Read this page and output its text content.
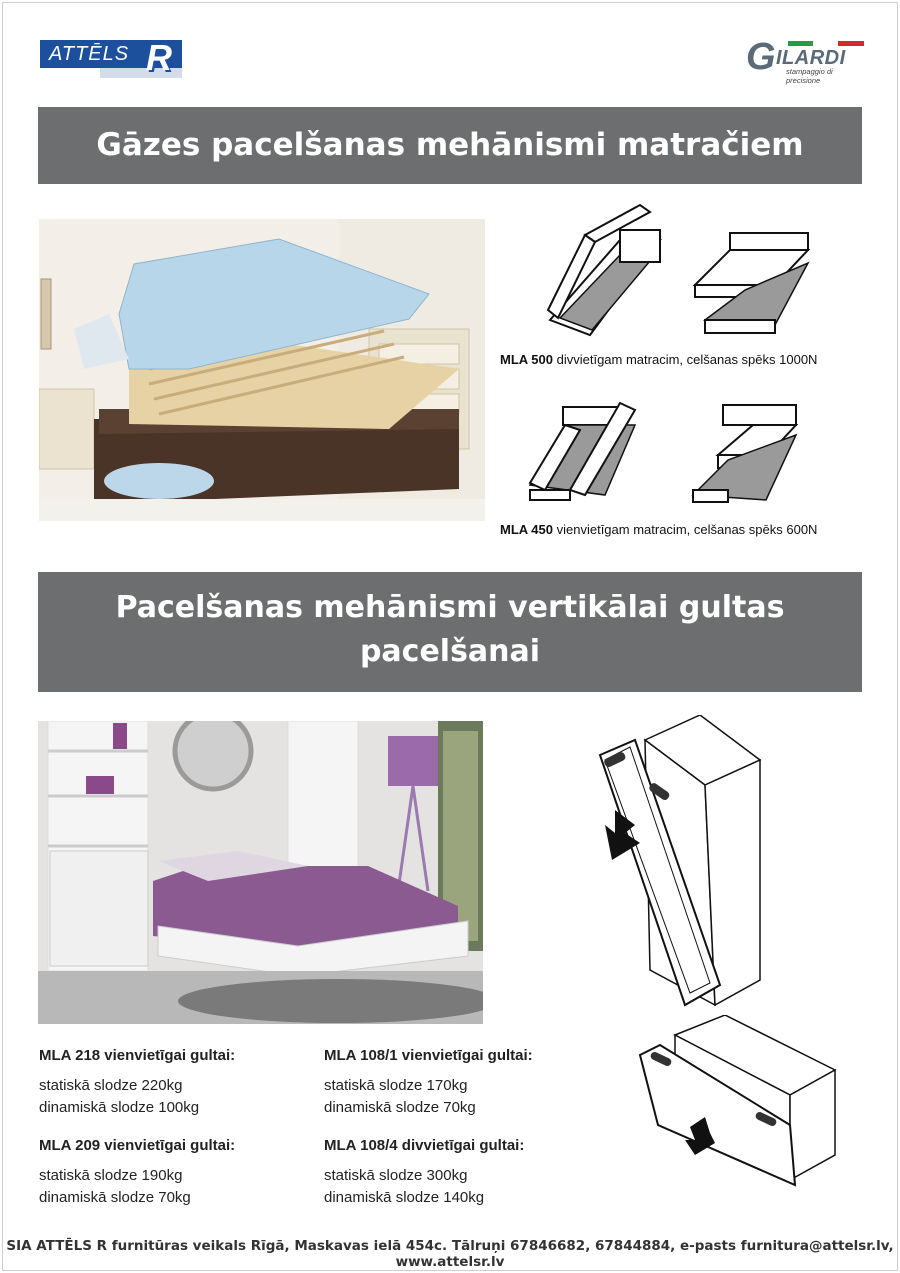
ATTĒLS R	G ILARDI
stampaggio di precisione
Gāzes pacelšanas mehānismi matračiem
MLA 500 divvietīgam matracim, celšanas spēks 1000N
MLA 450 vienvietīgam matracim, celšanas spēks 600N
Pacelšanas mehānismi vertikālai gultas
pacelšanai
MLA 218 vienvietīgai gultai:
statiskā slodze 220kg
dinamiskā slodze 100kg
MLA 108/1 vienvietīgai gultai:
statiskā slodze 170kg
dinamiskā slodze 70kg
MLA 209 vienvietīgai gultai:
statiskā slodze 190kg
dinamiskā slodze 70kg
MLA 108/4 divvietīgai gultai:
statiskā slodze 300kg
dinamiskā slodze 140kg
SIA ATTĒLS R furnitūras veikals Rīgā, Maskavas ielā 454c. Tālruņi 67846682, 67844884, e-pasts furnitura@attelsr.lv, www.attelsr.lv
